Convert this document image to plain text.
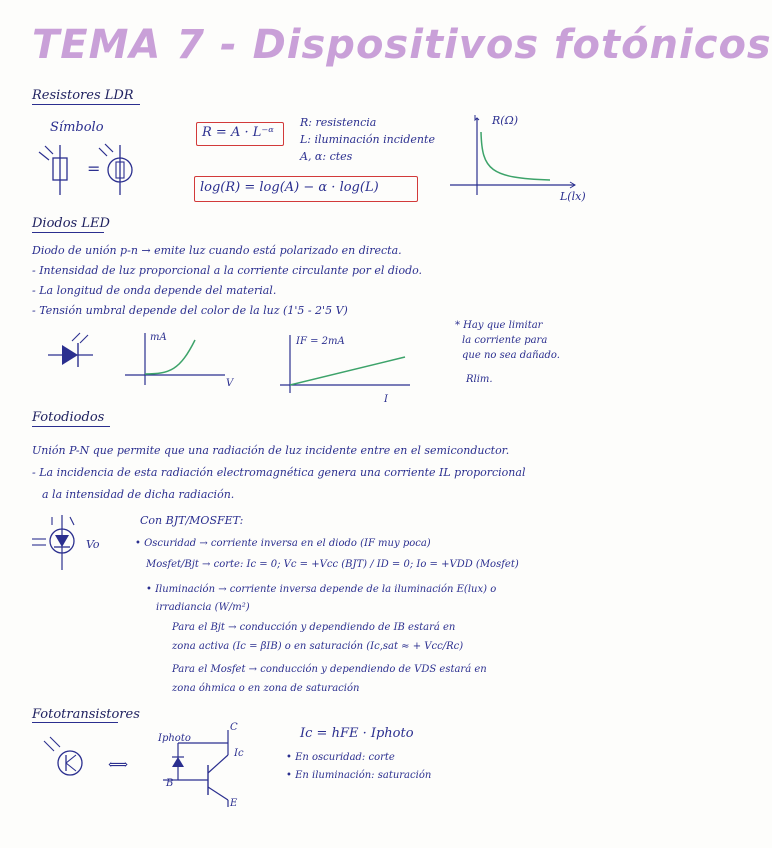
TEMA 7 - Dispositivos fotónicos
Resistores LDR
Símbolo
=
R = A · L⁻ᵅ
R: resistencia
L: iluminación incidente
A, α: ctes
log(R) = log(A) − α · log(L)
R(Ω)
L(lx)
Diodos LED
Diodo de unión p-n → emite luz cuando está polarizado en directa.
- Intensidad de luz proporcional a la corriente circulante por el diodo.
- La longitud de onda depende del material.
- Tensión umbral depende del color de la luz (1'5 - 2'5 V)
mA
V
IF = 2mA
I
* Hay que limitar
la corriente para
que no sea dañado.
Rlim.
Fotodiodos
Unión P-N que permite que una radiación de luz incidente entre en el semiconductor.
- La incidencia de esta radiación electromagnética genera una corriente IL proporcional
a la intensidad de dicha radiación.
Vo
Con BJT/MOSFET:
• Oscuridad → corriente inversa en el diodo (IF muy poca)
Mosfet/Bjt → corte: Ic = 0; Vc = +Vcc (BJT) / ID = 0; Io = +VDD (Mosfet)
• Iluminación → corriente inversa depende de la iluminación E(lux) o
irradiancia (W/m²)
Para el Bjt → conducción y dependiendo de IB estará en
zona activa (Ic = βIB) o en saturación (Ic,sat ≈ + Vcc/Rc)
Para el Mosfet → conducción y dependiendo de VDS estará en
zona óhmica o en zona de saturación
Fototransistores
⟺
Iphoto
C
Ic
B
E
Ic = hFE · Iphoto
• En oscuridad: corte
• En iluminación: saturación
